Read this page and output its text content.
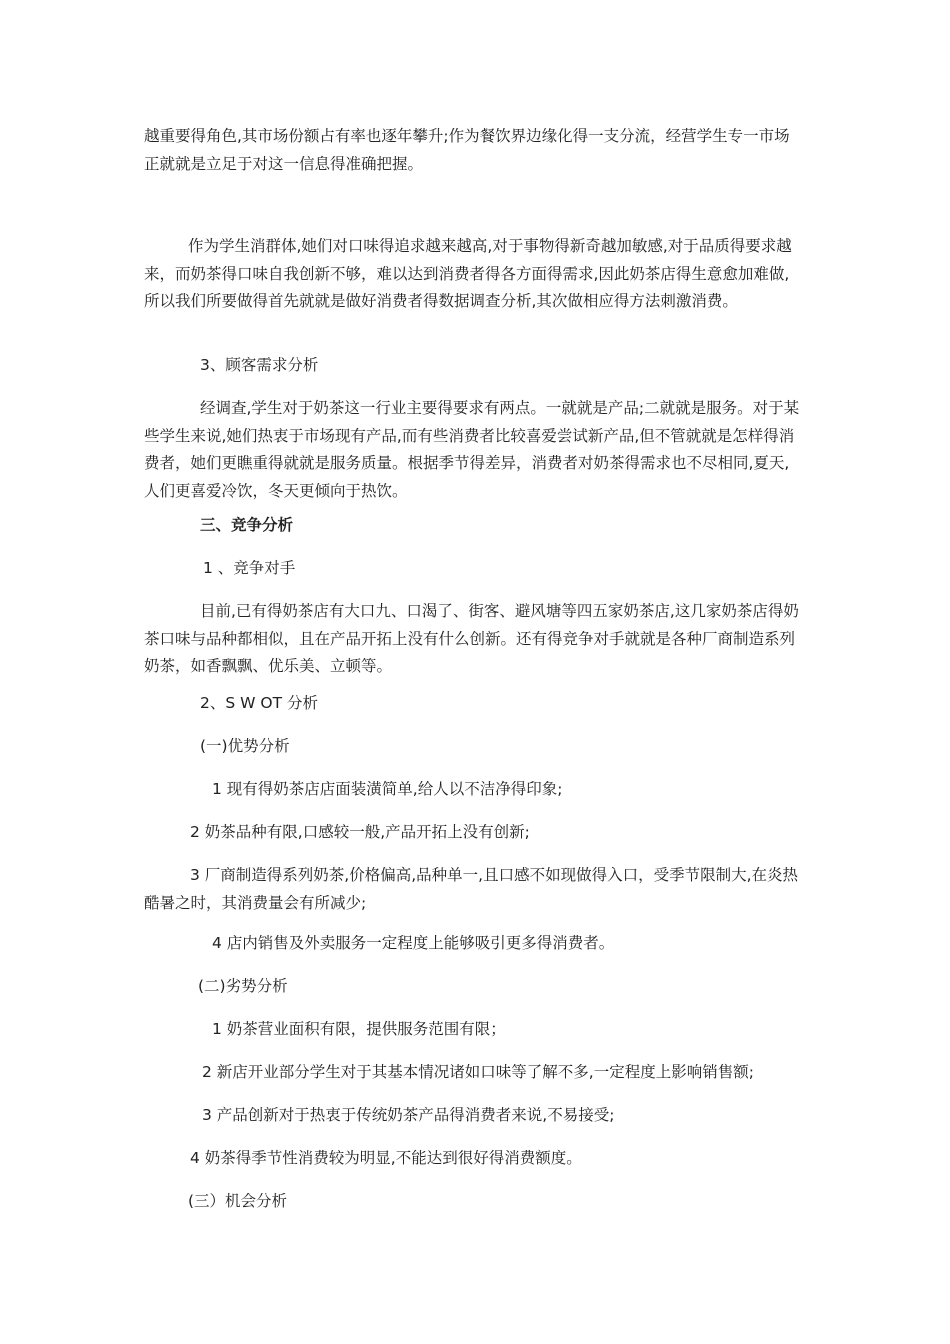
越重要得角色,其市场份额占有率也逐年攀升;作为餐饮界边缘化得一支分流，经营学生专一市场正就就是立足于对这一信息得准确把握。

作为学生消群体,她们对口味得追求越来越高,对于事物得新奇越加敏感,对于品质得要求越来，而奶茶得口味自我创新不够，难以达到消费者得各方面得需求,因此奶茶店得生意愈加难做,所以我们所要做得首先就就是做好消费者得数据调查分析,其次做相应得方法刺激消费。

3、顾客需求分析

经调查,学生对于奶茶这一行业主要得要求有两点。一就就是产品;二就就是服务。对于某些学生来说,她们热衷于市场现有产品,而有些消费者比较喜爱尝试新产品,但不管就就是怎样得消费者，她们更瞧重得就就是服务质量。根据季节得差异，消费者对奶茶得需求也不尽相同,夏天,人们更喜爱冷饮，冬天更倾向于热饮。

三、竞争分析

1 、竞争对手

目前,已有得奶茶店有大口九、口渴了、街客、避风塘等四五家奶茶店,这几家奶茶店得奶茶口味与品种都相似，且在产品开拓上没有什么创新。还有得竞争对手就就是各种厂商制造系列奶茶，如香飘飘、优乐美、立顿等。

2、S W OT 分析

(一)优势分析

1 现有得奶茶店店面装潢简单,给人以不洁净得印象;

2 奶茶品种有限,口感较一般,产品开拓上没有创新;

3 厂商制造得系列奶茶,价格偏高,品种单一,且口感不如现做得入口，受季节限制大,在炎热酷暑之时，其消费量会有所减少;

4 店内销售及外卖服务一定程度上能够吸引更多得消费者。

(二)劣势分析

1 奶茶营业面积有限，提供服务范围有限；

2 新店开业部分学生对于其基本情况诸如口味等了解不多,一定程度上影响销售额;

3 产品创新对于热衷于传统奶茶产品得消费者来说,不易接受;

4 奶茶得季节性消费较为明显,不能达到很好得消费额度。

(三）机会分析
